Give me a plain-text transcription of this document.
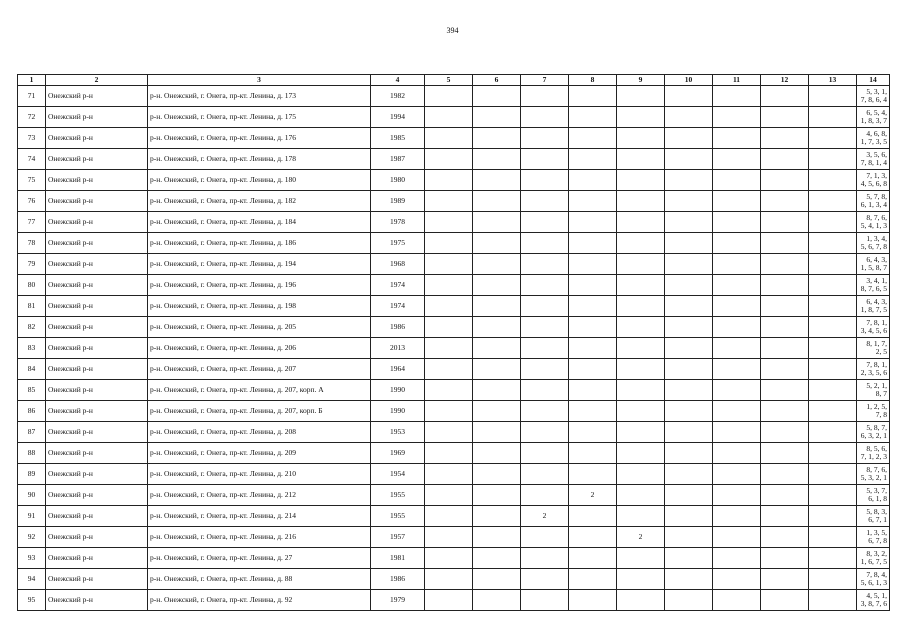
394
1	2	3	4	5	6	7	8	9	10	11	12	13	14
71	Онежский р-н	р-н. Онежский, г. Онега, пр-кт. Ленина, д. 173	1982										5, 3, 1, 7, 8, 6, 4
72	Онежский р-н	р-н. Онежский, г. Онега, пр-кт. Ленина, д. 175	1994										6, 5, 4, 1, 8, 3, 7
73	Онежский р-н	р-н. Онежский, г. Онега, пр-кт. Ленина, д. 176	1985										4, 6, 8, 1, 7, 3, 5
74	Онежский р-н	р-н. Онежский, г. Онега, пр-кт. Ленина, д. 178	1987										3, 5, 6, 7, 8, 1, 4
75	Онежский р-н	р-н. Онежский, г. Онега, пр-кт. Ленина, д. 180	1980										7, 1, 3, 4, 5, 6, 8
76	Онежский р-н	р-н. Онежский, г. Онега, пр-кт. Ленина, д. 182	1989										5, 7, 8, 6, 1, 3, 4
77	Онежский р-н	р-н. Онежский, г. Онега, пр-кт. Ленина, д. 184	1978										8, 7, 6, 5, 4, 1, 3
78	Онежский р-н	р-н. Онежский, г. Онега, пр-кт. Ленина, д. 186	1975										1, 3, 4, 5, 6, 7, 8
79	Онежский р-н	р-н. Онежский, г. Онега, пр-кт. Ленина, д. 194	1968										6, 4, 3, 1, 5, 8, 7
80	Онежский р-н	р-н. Онежский, г. Онега, пр-кт. Ленина, д. 196	1974										3, 4, 1, 8, 7, 6, 5
81	Онежский р-н	р-н. Онежский, г. Онега, пр-кт. Ленина, д. 198	1974										6, 4, 3, 1, 8, 7, 5
82	Онежский р-н	р-н. Онежский, г. Онега, пр-кт. Ленина, д. 205	1986										7, 8, 1, 3, 4, 5, 6
83	Онежский р-н	р-н. Онежский, г. Онега, пр-кт. Ленина, д. 206	2013										8, 1, 7, 2, 5
84	Онежский р-н	р-н. Онежский, г. Онега, пр-кт. Ленина, д. 207	1964										7, 8, 1, 2, 3, 5, 6
85	Онежский р-н	р-н. Онежский, г. Онега, пр-кт. Ленина, д. 207, корп. А	1990										5, 2, 1, 8, 7
86	Онежский р-н	р-н. Онежский, г. Онега, пр-кт. Ленина, д. 207, корп. Б	1990										1, 2, 5, 7, 8
87	Онежский р-н	р-н. Онежский, г. Онега, пр-кт. Ленина, д. 208	1953										5, 8, 7, 6, 3, 2, 1
88	Онежский р-н	р-н. Онежский, г. Онега, пр-кт. Ленина, д. 209	1969										8, 5, 6, 7, 1, 2, 3
89	Онежский р-н	р-н. Онежский, г. Онега, пр-кт. Ленина, д. 210	1954										8, 7, 6, 5, 3, 2, 1
90	Онежский р-н	р-н. Онежский, г. Онега, пр-кт. Ленина, д. 212	1955				2						5, 3, 7, 6, 1, 8
91	Онежский р-н	р-н. Онежский, г. Онега, пр-кт. Ленина, д. 214	1955			2							5, 8, 3, 6, 7, 1
92	Онежский р-н	р-н. Онежский, г. Онега, пр-кт. Ленина, д. 216	1957					2					1, 3, 5, 6, 7, 8
93	Онежский р-н	р-н. Онежский, г. Онега, пр-кт. Ленина, д. 27	1981										8, 3, 2, 1, 6, 7, 5
94	Онежский р-н	р-н. Онежский, г. Онега, пр-кт. Ленина, д. 88	1986										7, 8, 4, 5, 6, 1, 3
95	Онежский р-н	р-н. Онежский, г. Онега, пр-кт. Ленина, д. 92	1979										4, 5, 1, 3, 8, 7, 6
